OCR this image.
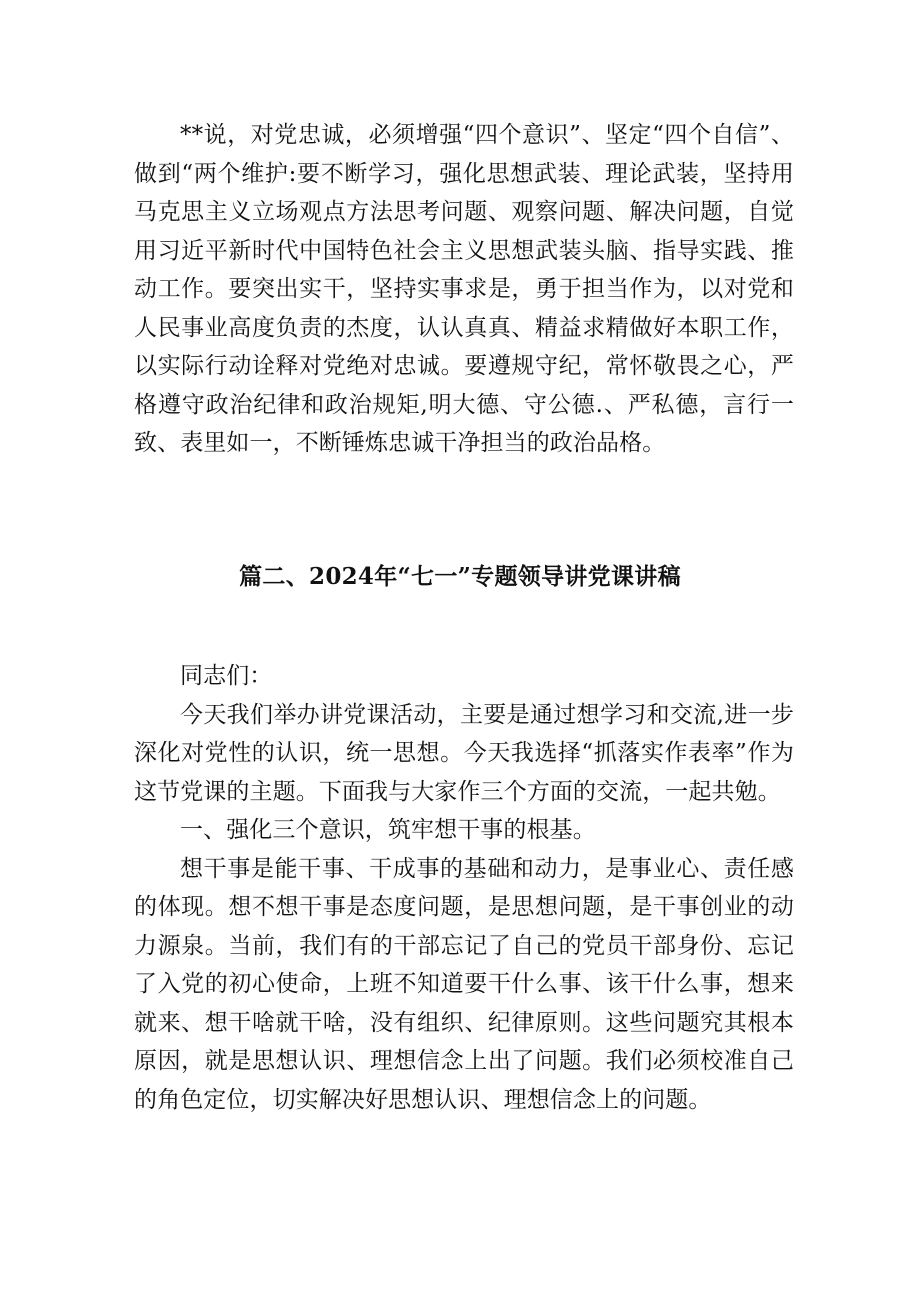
**说，对党忠诚，必须增强“四个意识”、坚定“四个自信”、做到“两个维护:要不断学习，强化思想武装、理论武装，坚持用马克思主义立场观点方法思考问题、观察问题、解决问题，自觉用习近平新时代中国特色社会主义思想武装头脑、指导实践、推动工作。要突出实干，坚持实事求是，勇于担当作为，以对党和人民事业高度负责的杰度，认认真真、精益求精做好本职工作，以实际行动诠释对党绝对忠诚。要遵规守纪，常怀敬畏之心，严格遵守政治纪律和政治规矩,明大德、守公德.、严私德，言行一致、表里如一，不断锤炼忠诚干净担当的政治品格。

篇二、2024年“七一”专题领导讲党课讲稿

同志们：

今天我们举办讲党课活动，主要是通过想学习和交流,进一步深化对党性的认识，统一思想。今天我选择“抓落实作表率”作为这节党课的主题。下面我与大家作三个方面的交流，一起共勉。

一、强化三个意识，筑牢想干事的根基。

想干事是能干事、干成事的基础和动力，是事业心、责任感的体现。想不想干事是态度问题，是思想问题，是干事创业的动力源泉。当前，我们有的干部忘记了自己的党员干部身份、忘记了入党的初心使命，上班不知道要干什么事、该干什么事，想来就来、想干啥就干啥，没有组织、纪律原则。这些问题究其根本原因，就是思想认识、理想信念上出了问题。我们必须校准自己的角色定位，切实解决好思想认识、理想信念上的问题。
